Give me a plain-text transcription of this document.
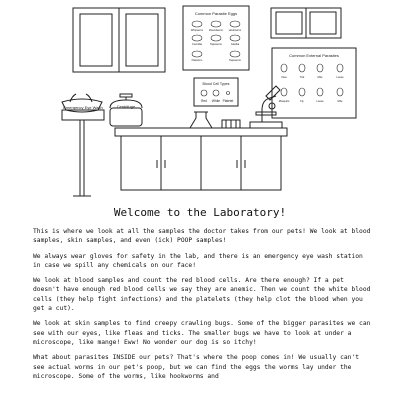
Common Parasite Eggs
Whipworm Roundworm Hookworm
Coccidia	Tapeworm	Giardia
Flatworm	Tapeworm
Blood Cell Types
Red White Platelet
Common External Parasites
Flea	Tick	Mite	Louse
Mosquito	Fly	Louse	Mite
Emergency Eye Wash	Centrifuge
Welcome to the Laboratory!

This is where we look at all the samples the doctor takes from our pets! We look at blood samples, skin samples, and even (ick) POOP samples!

We always wear gloves for safety in the lab, and there is an emergency eye wash station in case we spill any chemicals on our face!

We look at blood samples and count the red blood cells. Are there enough? If a pet doesn't have enough red blood cells we say they are anemic. Then we count the white blood cells (they help fight infections) and the platelets (they help clot the blood when you get a cut).

We look at skin samples to find creepy crawling bugs. Some of the bigger parasites we can see with our eyes, like fleas and ticks. The smaller bugs we have to look at under a microscope, like mange! Eww! No wonder our dog is so itchy!

What about parasites INSIDE our pets? That's where the poop comes in! We usually can't see actual worms in our pet's poop, but we can find the eggs the worms lay under the microscope. Some of the worms, like hookworms and
